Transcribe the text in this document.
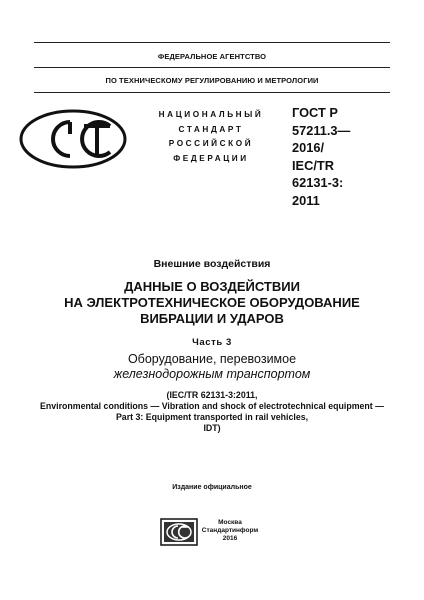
ФЕДЕРАЛЬНОЕ АГЕНТСТВО
ПО ТЕХНИЧЕСКОМУ РЕГУЛИРОВАНИЮ И МЕТРОЛОГИИ
НАЦИОНАЛЬНЫЙ
СТАНДАРТ
РОССИЙСКОЙ
ФЕДЕРАЦИИ
ГОСТ Р
57211.3—
2016/
IEC/TR
62131-3:
2011
Внешние воздействия
ДАННЫЕ О ВОЗДЕЙСТВИИ
НА ЭЛЕКТРОТЕХНИЧЕСКОЕ ОБОРУДОВАНИЕ
ВИБРАЦИИ И УДАРОВ
Часть 3
Оборудование, перевозимое
железнодорожным транспортом
(IEC/TR 62131-3:2011,
Environmental conditions — Vibration and shock of electrotechnical equipment —
Part 3: Equipment transported in rail vehicles,
IDT)
Издание официальное
Москва
Стандартинформ
2016
